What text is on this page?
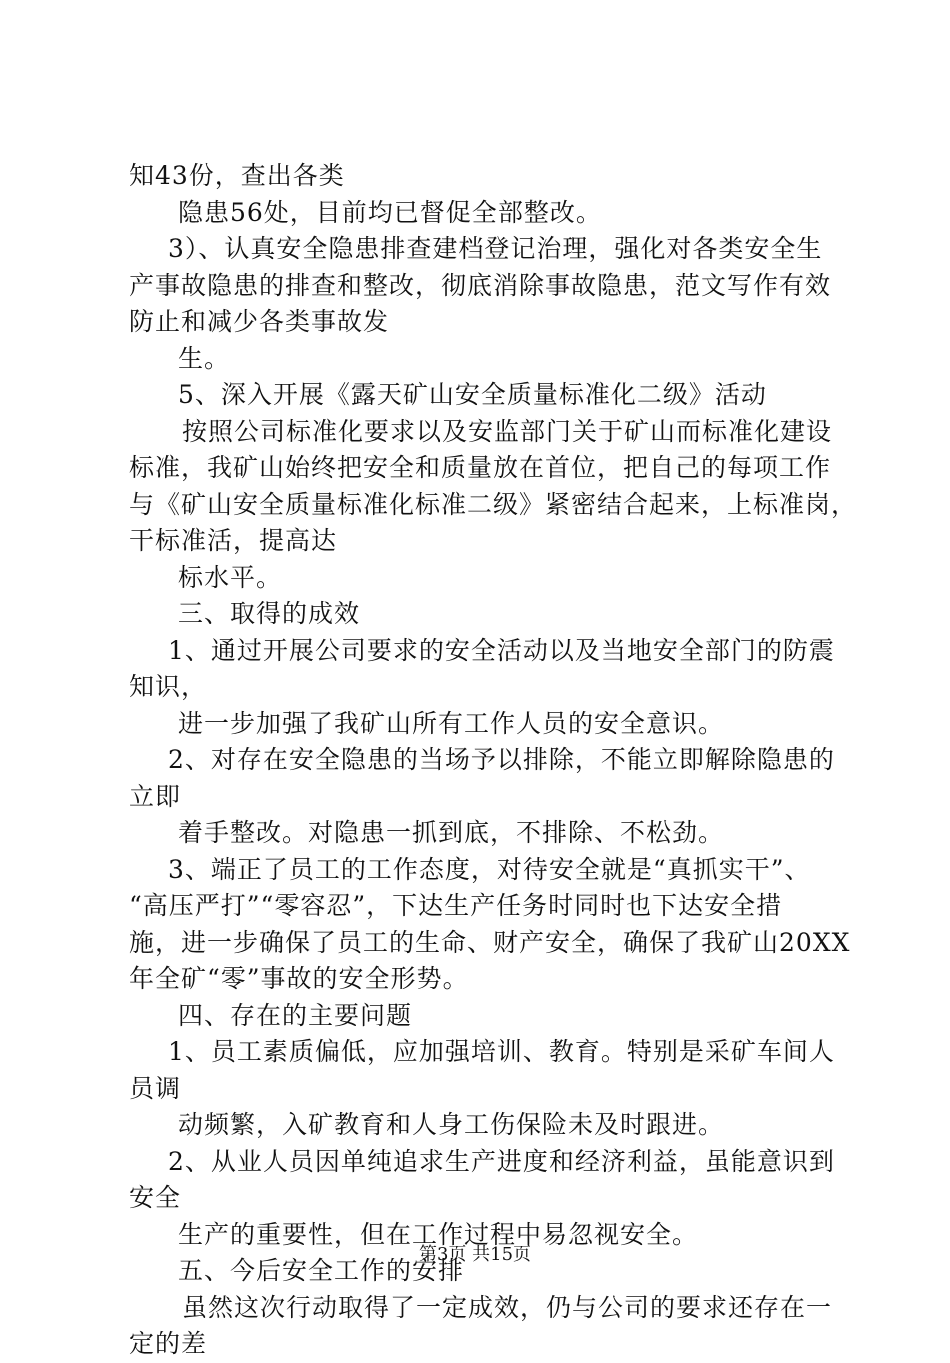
知43份，查出各类
隐患56处，目前均已督促全部整改。
3）、认真安全隐患排查建档登记治理，强化对各类安全生
产事故隐患的排查和整改，彻底消除事故隐患，范文写作有效
防止和减少各类事故发
生。
5、深入开展《露天矿山安全质量标准化二级》活动
按照公司标准化要求以及安监部门关于矿山而标准化建设
标准，我矿山始终把安全和质量放在首位，把自己的每项工作
与《矿山安全质量标准化标准二级》紧密结合起来，上标准岗，
干标准活，提高达
标水平。
三、取得的成效
1、通过开展公司要求的安全活动以及当地安全部门的防震
知识，
进一步加强了我矿山所有工作人员的安全意识。
2、对存在安全隐患的当场予以排除，不能立即解除隐患的
立即
着手整改。对隐患一抓到底，不排除、不松劲。
3、端正了员工的工作态度，对待安全就是“真抓实干”、
“高压严打”“零容忍”，下达生产任务时同时也下达安全措
施，进一步确保了员工的生命、财产安全，确保了我矿山20XX
年全矿“零”事故的安全形势。
四、存在的主要问题
1、员工素质偏低，应加强培训、教育。特别是采矿车间人
员调
动频繁，入矿教育和人身工伤保险未及时跟进。
2、从业人员因单纯追求生产进度和经济利益，虽能意识到
安全
生产的重要性，但在工作过程中易忽视安全。
五、今后安全工作的安排
虽然这次行动取得了一定成效，仍与公司的要求还存在一
定的差
第3页 共15页
